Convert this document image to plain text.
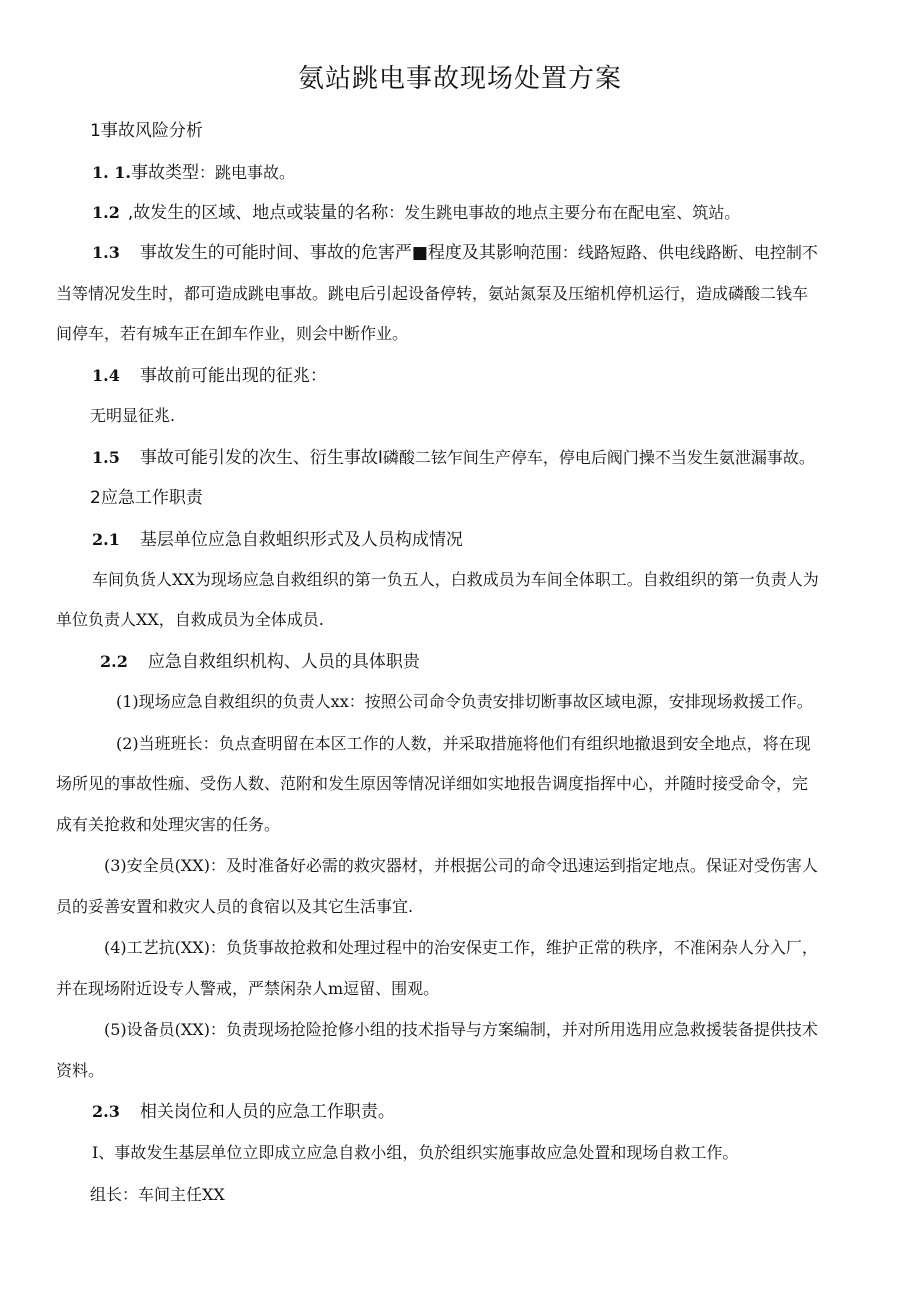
氨站跳电事故现场处置方案
1事故风险分析
1. 1.事故类型：跳电事故。
1.2 ,故发生的区域、地点或装量的名称：发生跳电事故的地点主要分布在配电室、筑站。
1.3 事故发生的可能时间、事故的危害严■程度及其影响范围：线路短路、供电线路断、电控制不
当等情况发生时，都可造成跳电事故。跳电后引起设备停转，氨站氮泵及压缩机停机运行，造成磷酸二钱车
间停车，若有城车正在卸车作业，则会中断作业。
1.4 事故前可能出现的征兆：
无明显征兆.
1.5 事故可能引发的次生、衍生事故I磷酸二铉乍间生产停车，停电后阀门操不当发生氨泄漏事故。
2应急工作职责
2.1 基层单位应急自救蛆织形式及人员构成情况
车间负货人XX为现场应急自救组织的第一负五人，白救成员为车间全体职工。自救组织的第一负责人为
单位负责人XX，自救成员为全体成员.
2.2 应急自救组织机构、人员的具体职贵
(1)现场应急自救组织的负责人xx：按照公司命令负责安排切断事故区域电源，安排现场救援工作。
(2)当班班长：负点查明留在本区工作的人数，并采取措施将他们有组织地撤退到安全地点，将在现
场所见的事故性痂、受伤人数、范附和发生原因等情况详细如实地报告调度指挥中心，并随时接受命令，完
成有关抢救和处理灾害的任务。
(3)安全员(XX)：及时准备好必需的救灾器材，并根据公司的命令迅速运到指定地点。保证对受伤害人
员的妥善安置和救灾人员的食宿以及其它生活事宜.
(4)工艺抗(XX)：负货事故抢救和处理过程中的治安保吏工作，维护正常的秩序，不准闲杂人分入厂，
并在现场附近设专人警戒，严禁闲杂人m逗留、围观。
(5)设备员(XX)：负责现场抢险抢修小组的技术指导与方案编制，并对所用选用应急救援装备提供技术
资料。
2.3 相关岗位和人员的应急工作职责。
I、事故发生基层单位立即成立应急自救小组，负於组织实施事故应急处置和现场自救工作。
组长：车间主任XX
